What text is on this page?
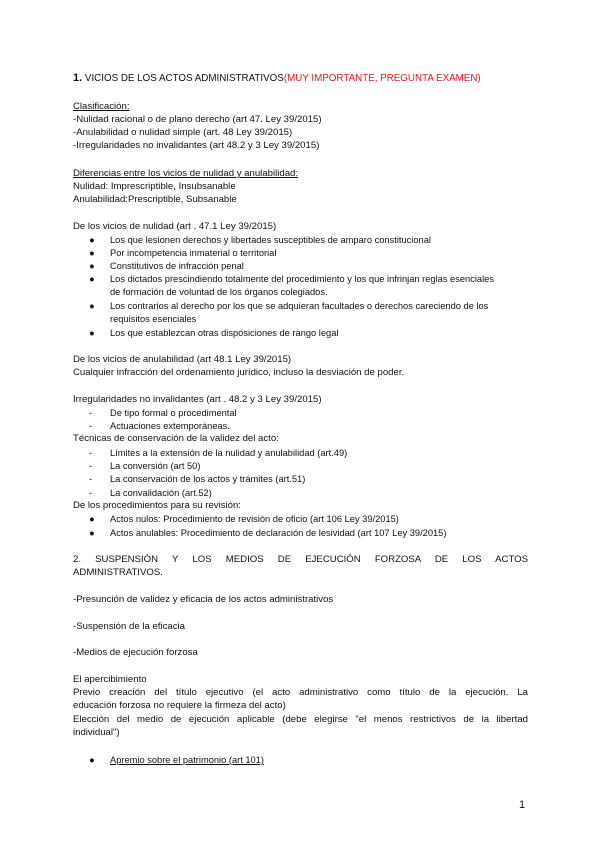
1. VICIOS DE LOS ACTOS ADMINISTRATIVOS(MUY IMPORTANTE, PREGUNTA EXAMEN)
Clasificación:
-Nulidad racional o de plano derecho (art 47. Ley 39/2015)
-Anulabilidad o nulidad simple (art. 48 Ley 39/2015)
-Irregularidades no invalidantes (art 48.2 y 3 Ley 39/2015)
Diferencias entre los vicios de nulidad y anulabilidad:
Nulidad: Imprescriptible, Insubsanable
Anulabilidad:Prescriptible, Subsanable
De los vicios de nulidad (art . 47.1 Ley 39/2015)
●	Los que lesionen derechos y libertades susceptibles de amparo constitucional
●	Por incompetencia inmaterial o territorial
●	Constitutivos de infracción penal
●	Los dictados prescindiendo totalmente del procedimiento y los que infrinjan reglas esenciales
de formación de voluntad de los órganos colegiados.
●	Los contrarios al derecho por los que se adquieran facultades o derechos careciendo de los
requisitos esenciales
●	Los que establezcan otras disposiciones de rango legal
De los vicios de anulabilidad (art 48.1 Ley 39/2015)
Cualquier infracción del ordenamiento jurídico, incluso la desviación de poder.
Irregularidades no invalidantes (art . 48.2 y 3 Ley 39/2015)
-	De tipo formal o procedimental
-	Actuaciones extemporáneas.
Técnicas de conservación de la validez del acto:
-	Límites a la extensión de la nulidad y anulabilidad (art.49)
-	La conversión (art 50)
-	La conservación de los actos y trámites (art.51)
-	La convalidación (art.52)
De los procedimientos para su revisión:
●	Actos nulos: Procedimiento de revisión de oficio (art 106 Ley 39/2015)
●	Actos anulables: Procedimiento de declaración de lesividad (art 107 Ley 39/2015)
2. SUSPENSIÓN Y LOS MEDIOS DE EJECUCIÓN FORZOSA DE LOS ACTOS
ADMINISTRATIVOS.
-Presunción de validez y eficacia de los actos administrativos
-Suspensión de la eficacia
-Medios de ejecución forzosa
El apercibimiento
Previo creación del título ejecutivo (el acto administrativo como título de la ejecución. La
educación forzosa no requiere la firmeza del acto)
Elección del medio de ejecución aplicable (debe elegirse "el menos restrictivos de la libertad
individual")
●	Apremio sobre el patrimonio (art 101)
1
